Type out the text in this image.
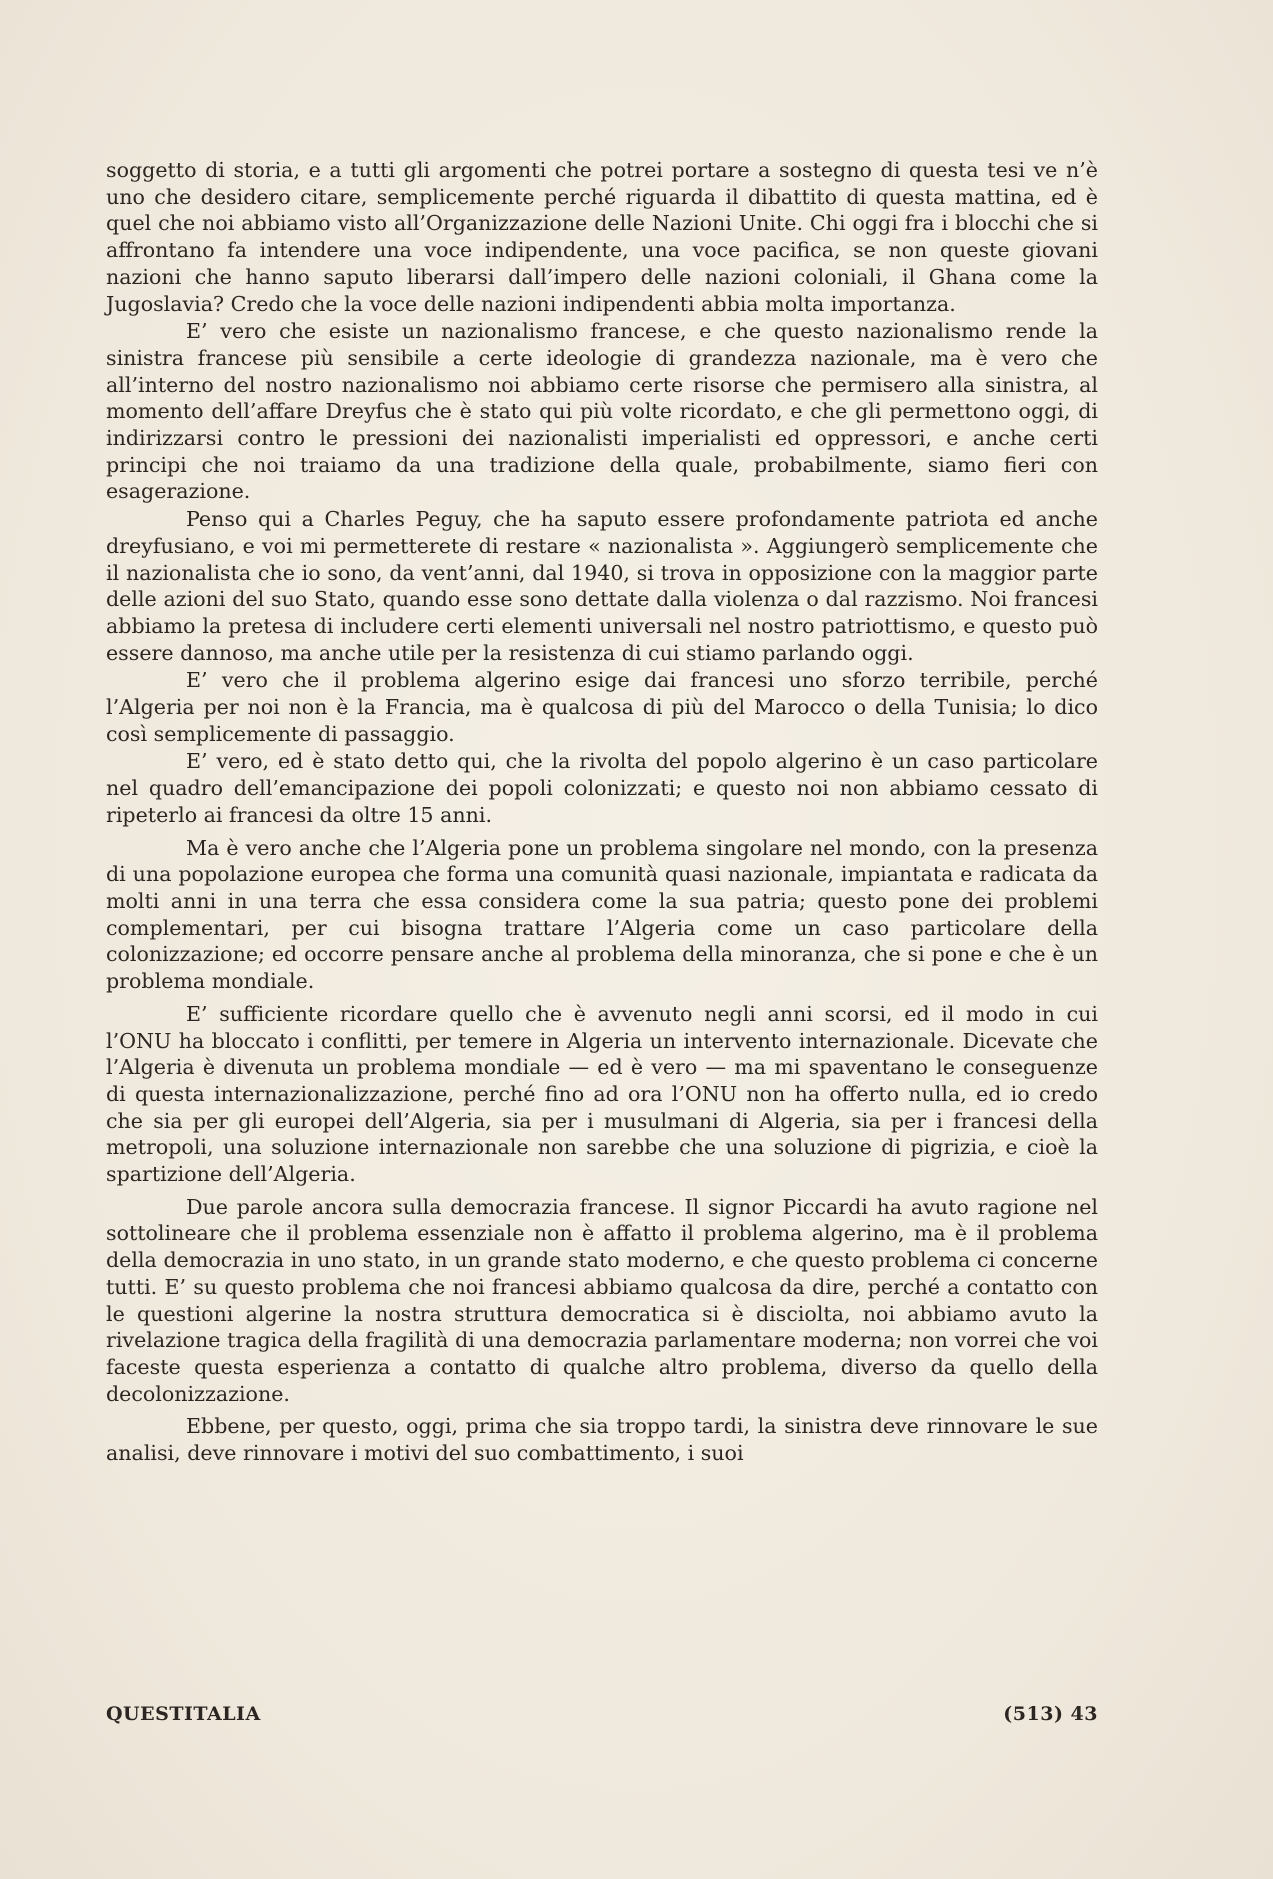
soggetto di storia, e a tutti gli argomenti che potrei portare a sostegno di questa tesi ve n’è uno che desidero citare, semplicemente perché riguarda il dibattito di questa mattina, ed è quel che noi abbiamo visto all’Organizzazione delle Nazioni Unite. Chi oggi fra i blocchi che si affrontano fa intendere una voce indipendente, una voce pacifica, se non queste giovani nazioni che hanno saputo liberarsi dall’impero delle nazioni coloniali, il Ghana come la Jugoslavia? Credo che la voce delle nazioni indipendenti abbia molta importanza.

E’ vero che esiste un nazionalismo francese, e che questo nazionalismo rende la sinistra francese più sensibile a certe ideologie di grandezza nazionale, ma è vero che all’interno del nostro nazionalismo noi abbiamo certe risorse che permisero alla sinistra, al momento dell’affare Dreyfus che è stato qui più volte ricordato, e che gli permettono oggi, di indirizzarsi contro le pressioni dei nazionalisti imperialisti ed oppressori, e anche certi principi che noi traiamo da una tradizione della quale, probabilmente, siamo fieri con esagerazione.

Penso qui a Charles Peguy, che ha saputo essere profondamente patriota ed anche dreyfusiano, e voi mi permetterete di restare « nazionalista ». Aggiungerò semplicemente che il nazionalista che io sono, da vent’anni, dal 1940, si trova in opposizione con la maggior parte delle azioni del suo Stato, quando esse sono dettate dalla violenza o dal razzismo. Noi francesi abbiamo la pretesa di includere certi elementi universali nel nostro patriottismo, e questo può essere dannoso, ma anche utile per la resistenza di cui stiamo parlando oggi.

E’ vero che il problema algerino esige dai francesi uno sforzo terribile, perché l’Algeria per noi non è la Francia, ma è qualcosa di più del Marocco o della Tunisia; lo dico così semplicemente di passaggio.

E’ vero, ed è stato detto qui, che la rivolta del popolo algerino è un caso particolare nel quadro dell’emancipazione dei popoli colonizzati; e questo noi non abbiamo cessato di ripeterlo ai francesi da oltre 15 anni.

Ma è vero anche che l’Algeria pone un problema singolare nel mondo, con la presenza di una popolazione europea che forma una comunità quasi nazionale, impiantata e radicata da molti anni in una terra che essa considera come la sua patria; questo pone dei problemi complementari, per cui bisogna trattare l’Algeria come un caso particolare della colonizzazione; ed occorre pensare anche al problema della minoranza, che si pone e che è un problema mondiale.

E’ sufficiente ricordare quello che è avvenuto negli anni scorsi, ed il modo in cui l’ONU ha bloccato i conflitti, per temere in Algeria un intervento internazionale. Dicevate che l’Algeria è divenuta un problema mondiale — ed è vero — ma mi spaventano le conseguenze di questa internazionalizzazione, perché fino ad ora l’ONU non ha offerto nulla, ed io credo che sia per gli europei dell’Algeria, sia per i musulmani di Algeria, sia per i francesi della metropoli, una soluzione internazionale non sarebbe che una soluzione di pigrizia, e cioè la spartizione dell’Algeria.

Due parole ancora sulla democrazia francese. Il signor Piccardi ha avuto ragione nel sottolineare che il problema essenziale non è affatto il problema algerino, ma è il problema della democrazia in uno stato, in un grande stato moderno, e che questo problema ci concerne tutti. E’ su questo problema che noi francesi abbiamo qualcosa da dire, perché a contatto con le questioni algerine la nostra struttura democratica si è disciolta, noi abbiamo avuto la rivelazione tragica della fragilità di una democrazia parlamentare moderna; non vorrei che voi faceste questa esperienza a contatto di qualche altro problema, diverso da quello della decolonizzazione.

Ebbene, per questo, oggi, prima che sia troppo tardi, la sinistra deve rinnovare le sue analisi, deve rinnovare i motivi del suo combattimento, i suoi

QUESTITALIA	(513) 43
